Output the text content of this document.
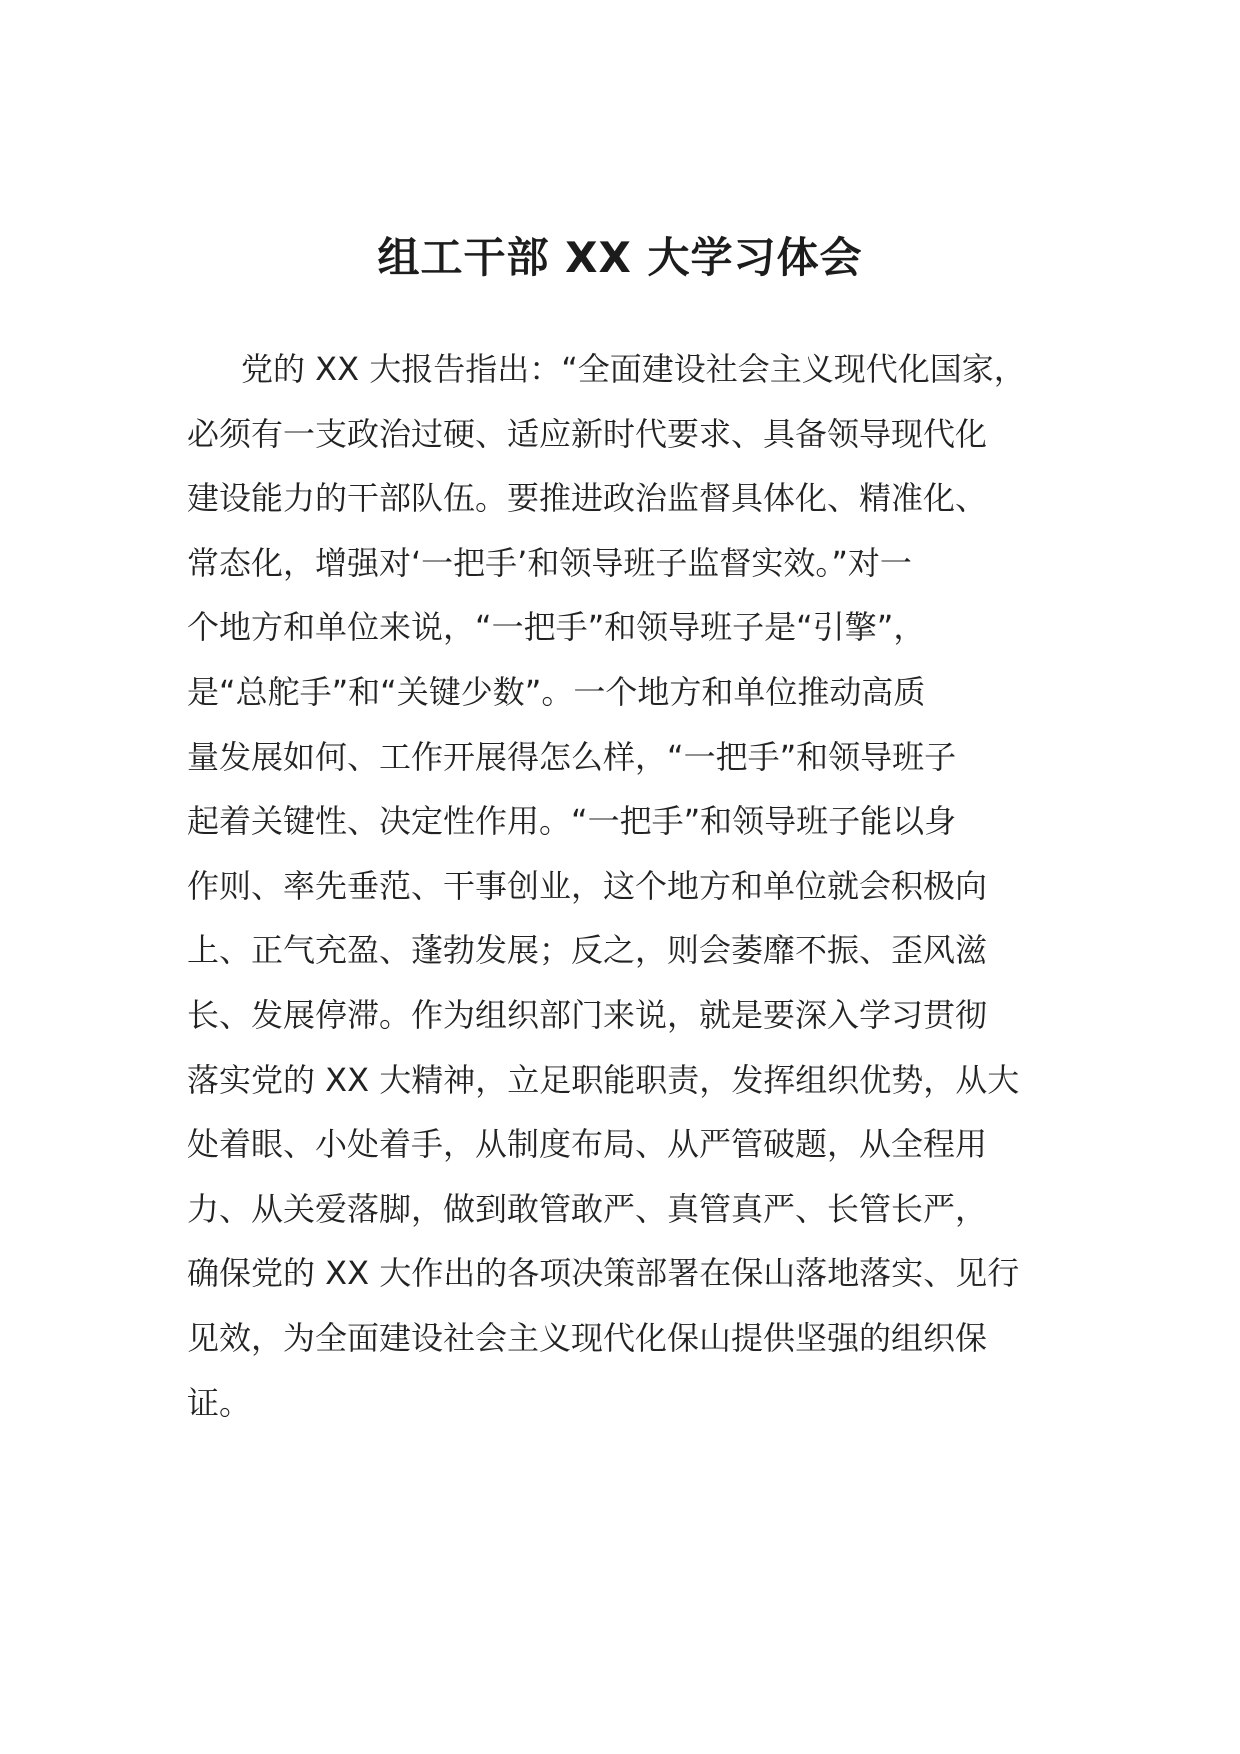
组工干部 XX 大学习体会
党的 XX 大报告指出：“全面建设社会主义现代化国家，
必须有一支政治过硬、适应新时代要求、具备领导现代化
建设能力的干部队伍。要推进政治监督具体化、精准化、
常态化，增强对‘一把手’和领导班子监督实效。”对一
个地方和单位来说，“一把手”和领导班子是“引擎”，
是“总舵手”和“关键少数”。一个地方和单位推动高质
量发展如何、工作开展得怎么样，“一把手”和领导班子
起着关键性、决定性作用。“一把手”和领导班子能以身
作则、率先垂范、干事创业，这个地方和单位就会积极向
上、正气充盈、蓬勃发展；反之，则会萎靡不振、歪风滋
长、发展停滞。作为组织部门来说，就是要深入学习贯彻
落实党的 XX 大精神，立足职能职责，发挥组织优势，从大
处着眼、小处着手，从制度布局、从严管破题，从全程用
力、从关爱落脚，做到敢管敢严、真管真严、长管长严，
确保党的 XX 大作出的各项决策部署在保山落地落实、见行
见效，为全面建设社会主义现代化保山提供坚强的组织保
证。
